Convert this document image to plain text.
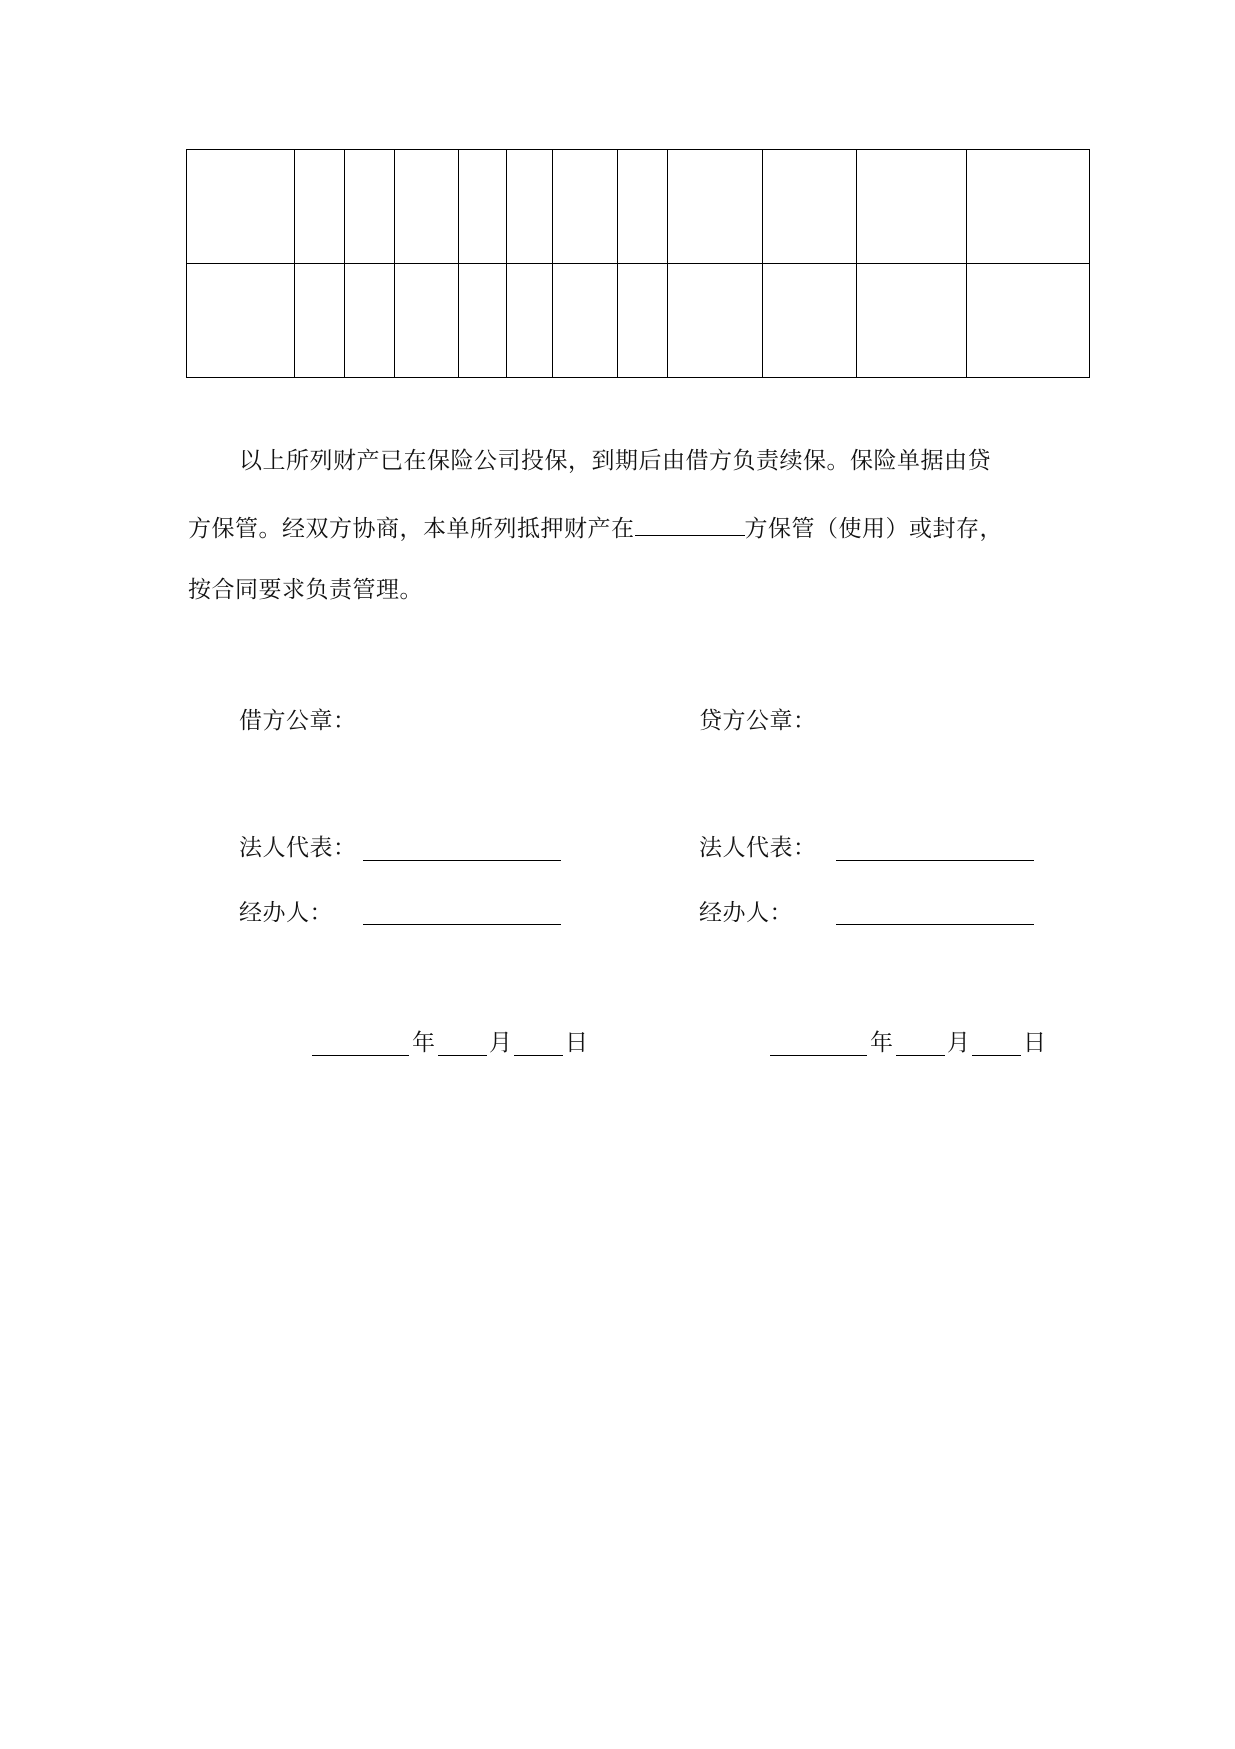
以上所列财产已在保险公司投保，到期后由借方负责续保。保险单据由贷
方保管。经双方协商，本单所列抵押财产在	方保管（使用）或封存，
按合同要求负责管理。
借方公章：
法人代表：
经办人：
年 月 日
贷方公章：
法人代表：
经办人：
年 月 日
